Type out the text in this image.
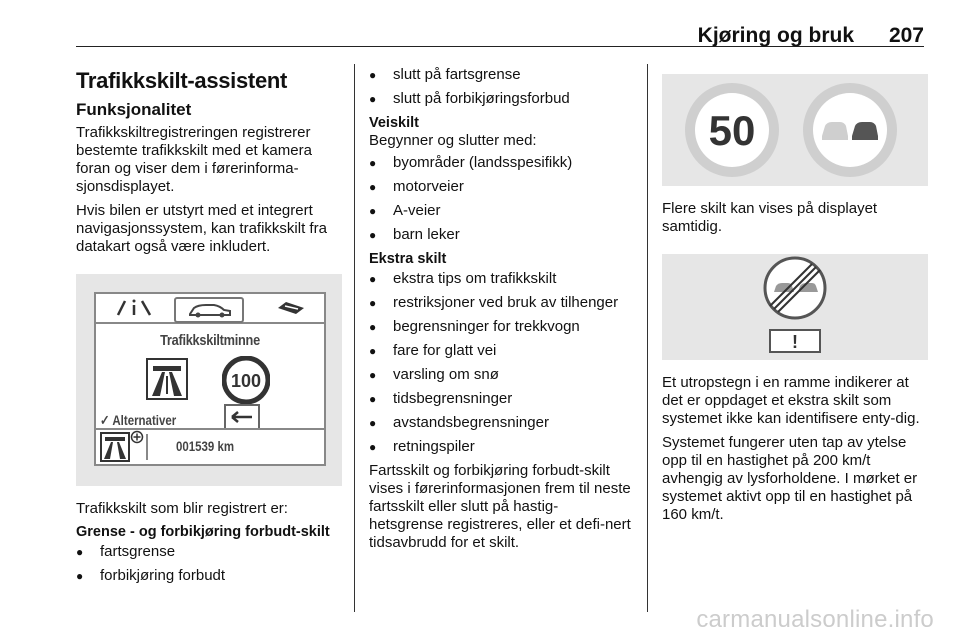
Kjøring og bruk 207
Trafikkskilt-assistent
Funksjonalitet

Trafikkskiltregistreringen registrerer bestemte trafikkskilt med et kamera foran og viser dem i førerinforma-sjonsdisplayet.

Hvis bilen er utstyrt med et integrert navigasjonssystem, kan trafikkskilt fra datakart også være inkludert.

Trafikkskiltminne
100
✓ Alternativer
001539 km

Trafikkskilt som blir registrert er:

Grense - og forbikjøring forbudt-skilt
● fartsgrense
● forbikjøring forbudt
● slutt på fartsgrense
● slutt på forbikjøringsforbud
Veiskilt

Begynner og slutter med:

● byområder (landsspesifikk)
● motorveier
● A-veier
● barn leker
Ekstra skilt
● ekstra tips om trafikkskilt
● restriksjoner ved bruk av tilhenger
● begrensninger for trekkvogn
● fare for glatt vei
● varsling om snø
● tidsbegrensninger
● avstandsbegrensninger
● retningspiler

Fartsskilt og forbikjøring forbudt-skilt vises i førerinformasjonen frem til neste fartsskilt eller slutt på hastig-hetsgrense registreres, eller et defi-nert tidsavbrudd for et skilt.

50

Flere skilt kan vises på displayet samtidig.

!

Et utropstegn i en ramme indikerer at det er oppdaget et ekstra skilt som systemet ikke kan identifisere enty-dig.

Systemet fungerer uten tap av ytelse opp til en hastighet på 200 km/t avhengig av lysforholdene. I mørket er systemet aktivt opp til en hastighet på 160 km/t.

carmanualsonline.info
